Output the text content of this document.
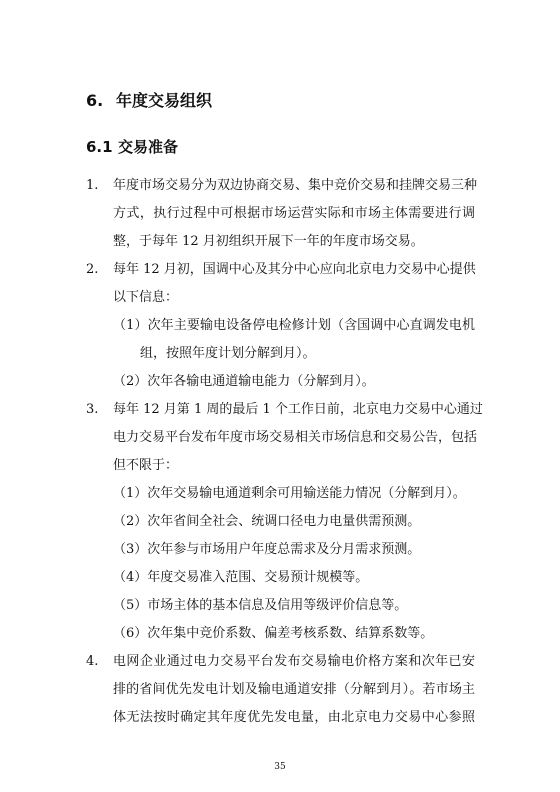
6. 年度交易组织
6.1 交易准备
1. 年度市场交易分为双边协商交易、集中竞价交易和挂牌交易三种
方式，执行过程中可根据市场运营实际和市场主体需要进行调
整，于每年 12 月初组织开展下一年的年度市场交易。
2. 每年 12 月初，国调中心及其分中心应向北京电力交易中心提供
以下信息：
（1）次年主要输电设备停电检修计划（含国调中心直调发电机
组，按照年度计划分解到月）。
（2）次年各输电通道输电能力（分解到月）。
3. 每年 12 月第 1 周的最后 1 个工作日前，北京电力交易中心通过
电力交易平台发布年度市场交易相关市场信息和交易公告，包括
但不限于：
（1）次年交易输电通道剩余可用输送能力情况（分解到月）。
（2）次年省间全社会、统调口径电力电量供需预测。
（3）次年参与市场用户年度总需求及分月需求预测。
（4）年度交易准入范围、交易预计规模等。
（5）市场主体的基本信息及信用等级评价信息等。
（6）次年集中竞价系数、偏差考核系数、结算系数等。
4. 电网企业通过电力交易平台发布交易输电价格方案和次年已安
排的省间优先发电计划及输电通道安排（分解到月）。若市场主
体无法按时确定其年度优先发电量，由北京电力交易中心参照
35
